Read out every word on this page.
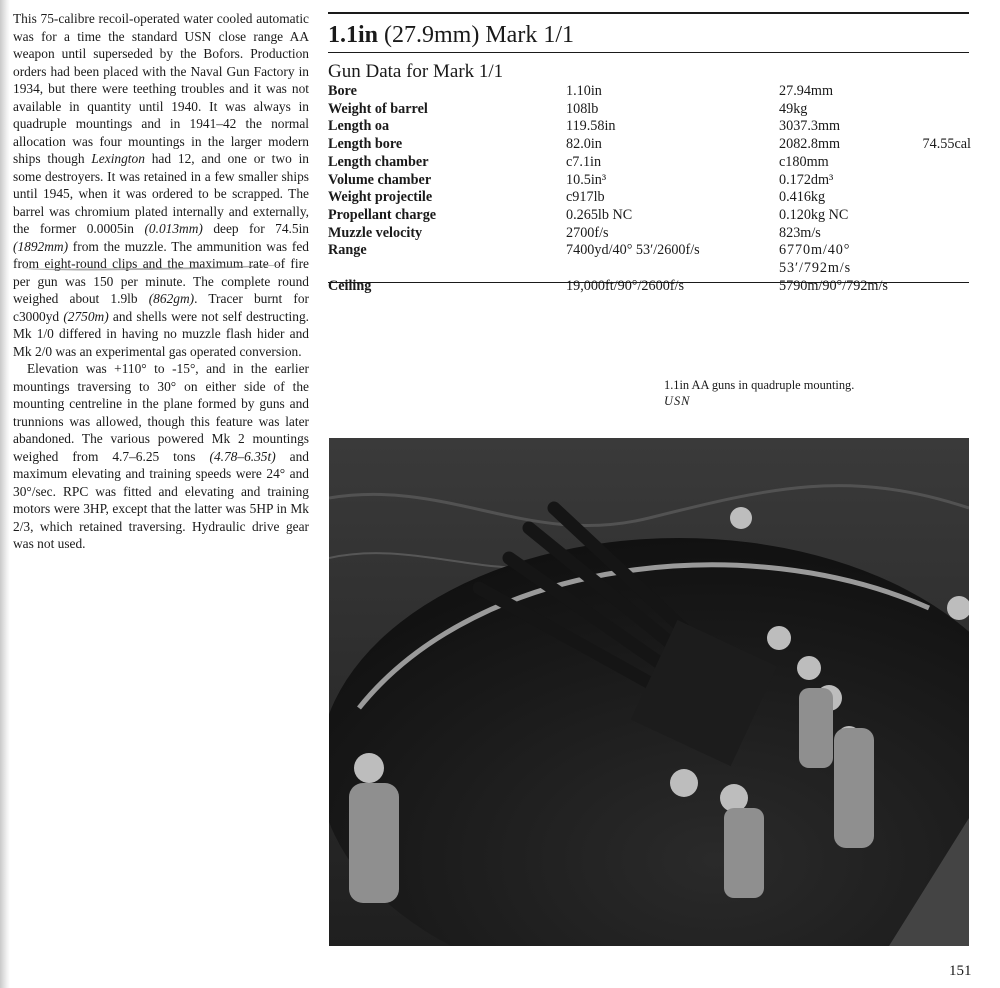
This 75-calibre recoil-operated water cooled automatic was for a time the standard USN close range AA weapon until superseded by the Bofors. Production orders had been placed with the Naval Gun Factory in 1934, but there were teething troubles and it was not available in quantity until 1940. It was always in quadruple mountings and in 1941–42 the normal allocation was four mountings in the larger modern ships though Lexington had 12, and one or two in some destroyers. It was retained in a few smaller ships until 1945, when it was ordered to be scrapped. The barrel was chromium plated internally and externally, the former 0.0005in (0.013mm) deep for 74.5in (1892mm) from the muzzle. The ammunition was fed from eight-round clips and the maximum rate of fire per gun was 150 per minute. The complete round weighed about 1.9lb (862gm). Tracer burnt for c3000yd (2750m) and shells were not self destructing. Mk 1/0 differed in having no muzzle flash hider and Mk 2/0 was an experimental gas operated conversion.

Elevation was +110° to -15°, and in the earlier mountings traversing to 30° on either side of the mounting centreline in the plane formed by guns and trunnions was allowed, though this feature was later abandoned. The various powered Mk 2 mountings weighed from 4.7–6.25 tons (4.78–6.35t) and maximum elevating and training speeds were 24° and 30°/sec. RPC was fitted and elevating and training motors were 3HP, except that the latter was 5HP in Mk 2/3, which retained traversing. Hydraulic drive gear was not used.

1.1in (27.9mm) Mark 1/1
Gun Data for Mark 1/1
Bore	1.10in	27.94mm	
Weight of barrel	108lb	49kg	
Length oa	119.58in	3037.3mm	
Length bore	82.0in	2082.8mm	74.55cal
Length chamber	c7.1in	c180mm	
Volume chamber	10.5in³	0.172dm³	
Weight projectile	c917lb	0.416kg	
Propellant charge	0.265lb NC	0.120kg NC	
Muzzle velocity	2700f/s	823m/s	
Range	7400yd/40° 53′/2600f/s	6770m/40° 53′/792m/s	
Ceiling	19,000ft/90°/2600f/s	5790m/90°/792m/s	
1.1in AA guns in quadruple mounting.
USN
151
